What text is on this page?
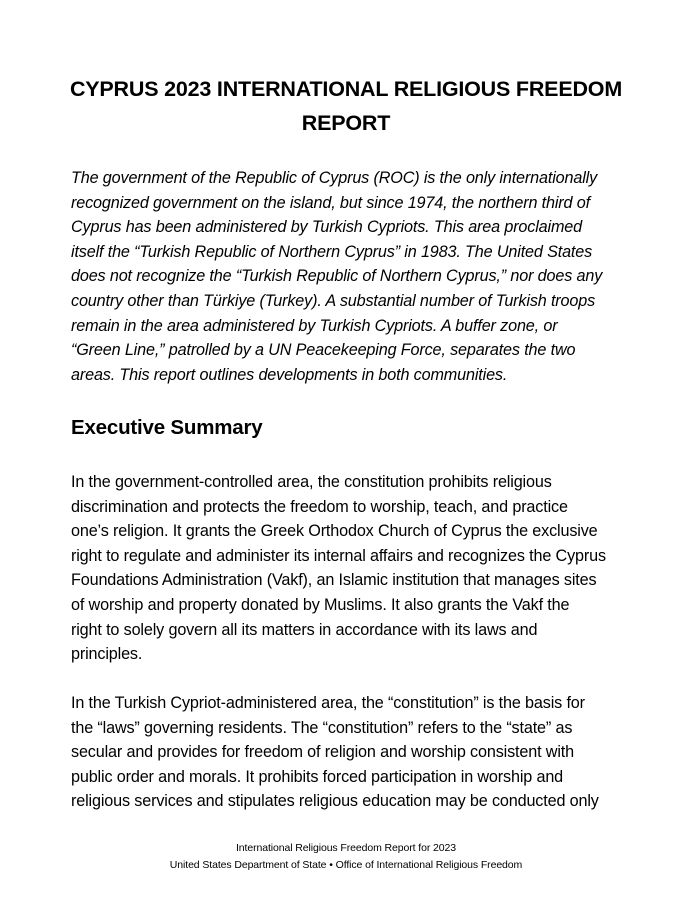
CYPRUS 2023 INTERNATIONAL RELIGIOUS FREEDOM
REPORT

The government of the Republic of Cyprus (ROC) is the only internationally
recognized government on the island, but since 1974, the northern third of
Cyprus has been administered by Turkish Cypriots. This area proclaimed
itself the “Turkish Republic of Northern Cyprus” in 1983. The United States
does not recognize the “Turkish Republic of Northern Cyprus,” nor does any
country other than Türkiye (Turkey). A substantial number of Turkish troops
remain in the area administered by Turkish Cypriots. A buffer zone, or
“Green Line,” patrolled by a UN Peacekeeping Force, separates the two
areas. This report outlines developments in both communities.

Executive Summary

In the government-controlled area, the constitution prohibits religious
discrimination and protects the freedom to worship, teach, and practice
one’s religion. It grants the Greek Orthodox Church of Cyprus the exclusive
right to regulate and administer its internal affairs and recognizes the Cyprus
Foundations Administration (Vakf), an Islamic institution that manages sites
of worship and property donated by Muslims. It also grants the Vakf the
right to solely govern all its matters in accordance with its laws and
principles.

In the Turkish Cypriot-administered area, the “constitution” is the basis for
the “laws” governing residents. The “constitution” refers to the “state” as
secular and provides for freedom of religion and worship consistent with
public order and morals. It prohibits forced participation in worship and
religious services and stipulates religious education may be conducted only

International Religious Freedom Report for 2023
United States Department of State • Office of International Religious Freedom
